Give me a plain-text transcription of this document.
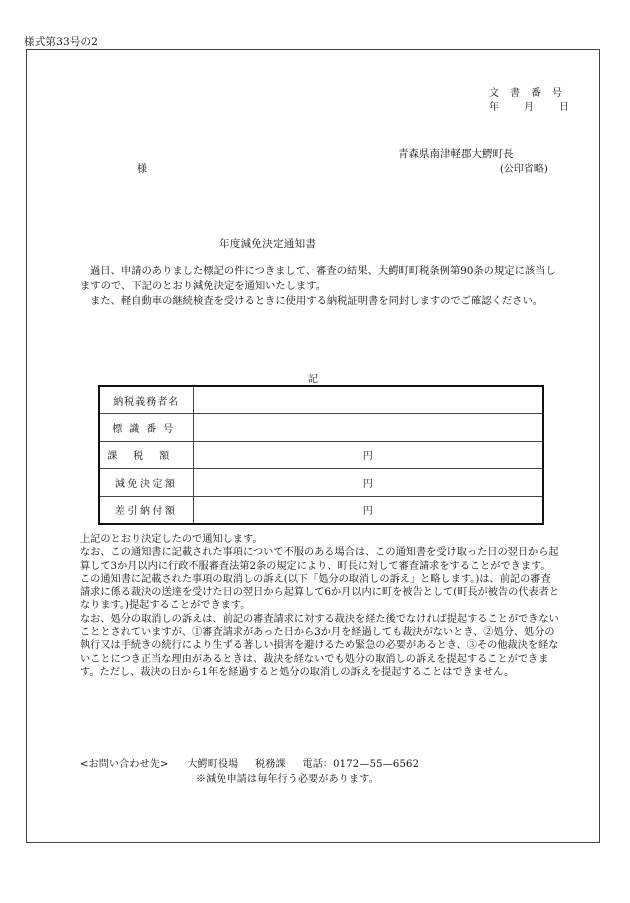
様式第33号の2
文書番号
年月日
青森県南津軽郡大鰐町長
様	(公印省略)
年度減免決定通知書

過日、申請のありました標記の件につきまして、審査の結果、大鰐町町税条例第90条の規定に該当しますので、下記のとおり減免決定を通知いたします。

また、軽自動車の継続検査を受けるときに使用する納税証明書を同封しますのでご確認ください。

記
納税義務者名	
標識番号	
課税額	円
減免決定額	円
差引納付額	円

上記のとおり決定したので通知します。

なお、この通知書に記載された事項について不服のある場合は、この通知書を受け取った日の翌日から起算して3か月以内に行政不服審査法第2条の規定により、町長に対して審査請求をすることができます。この通知書に記載された事項の取消しの訴え(以下「処分の取消しの訴え」と略します。)は、前記の審査請求に係る裁決の送達を受けた日の翌日から起算して6か月以内に町を被告として(町長が被告の代表者となります。)提起することができます。

なお、処分の取消しの訴えは、前記の審査請求に対する裁決を経た後でなければ提起することができないこととされていますが、①審査請求があった日から3か月を経過しても裁決がないとき、②処分、処分の執行又は手続きの続行により生ずる著しい損害を避けるため緊急の必要があるとき、③その他裁決を経ないことにつき正当な理由があるときは、裁決を経ないでも処分の取消しの訴えを提起することができます。ただし、裁決の日から1年を経過すると処分の取消しの訴えを提起することはできません。

<お問い合わせ先> 大鰐町役場 税務課 電話：0172—55—6562
※減免申請は毎年行う必要があります。
